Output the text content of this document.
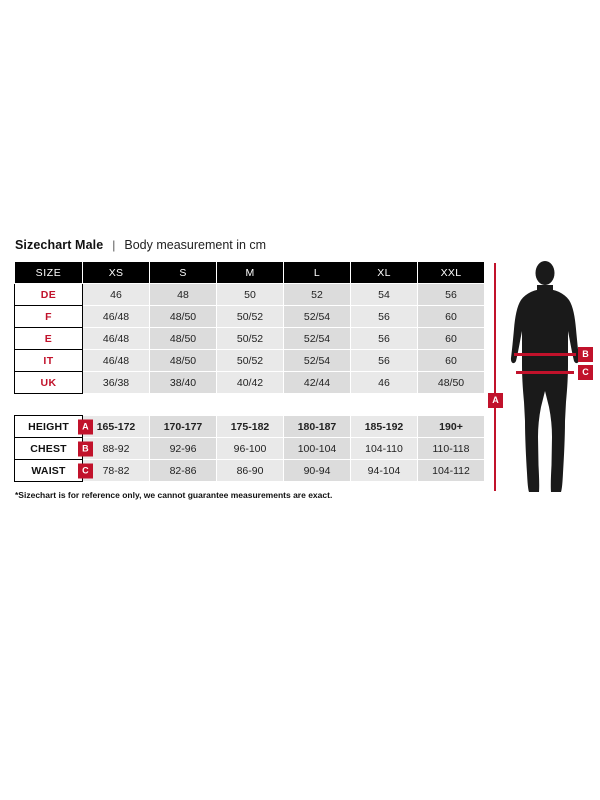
Sizechart Male | Body measurement in cm
SIZE	XS	S	M	L	XL	XXL
DE	46	48	50	52	54	56
F	46/48	48/50	50/52	52/54	56	60
E	46/48	48/50	50/52	52/54	56	60
IT	46/48	48/50	50/52	52/54	56	60
UK	36/38	38/40	40/42	42/44	46	48/50

HEIGHT A	165-172	170-177	175-182	180-187	185-192	190+
CHEST B	88-92	92-96	96-100	100-104	104-110	110-118
WAIST C	78-82	82-86	86-90	90-94	94-104	104-112
*Sizechart is for reference only, we cannot guarantee measurements are exact.
B
C
A
